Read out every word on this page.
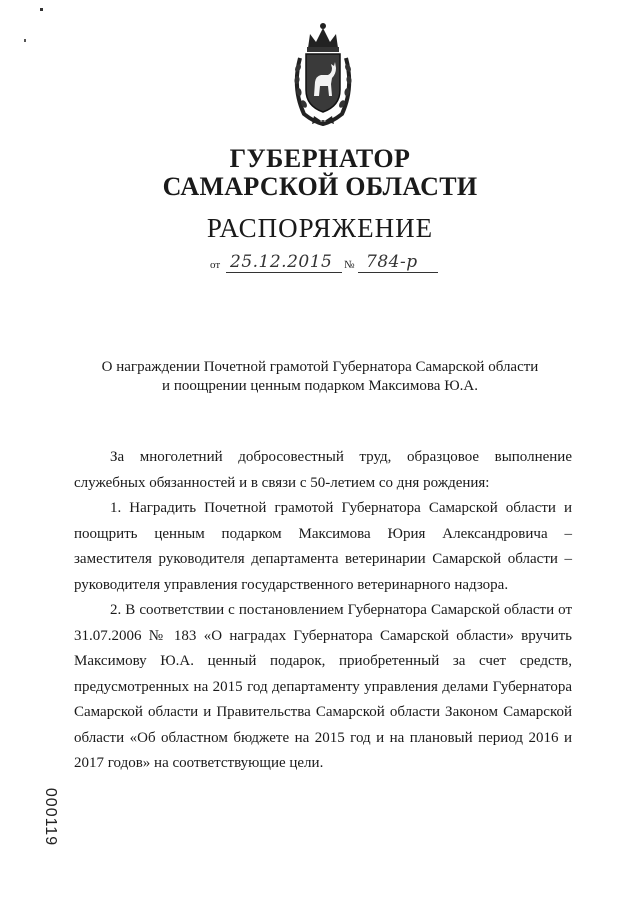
ГУБЕРНАТОР
САМАРСКОЙ ОБЛАСТИ
РАСПОРЯЖЕНИЕ
от 25.12.2015 № 784-р
О награждении Почетной грамотой Губернатора Самарской области
и поощрении ценным подарком Максимова Ю.А.

За многолетний добросовестный труд, образцовое выполнение служебных обязанностей и в связи с 50-летием со дня рождения:

1. Наградить Почетной грамотой Губернатора Самарской области и поощрить ценным подарком Максимова Юрия Александровича – заместителя руководителя департамента ветеринарии Самарской области – руководителя управления государственного ветеринарного надзора.

2. В соответствии с постановлением Губернатора Самарской области от 31.07.2006 № 183 «О наградах Губернатора Самарской области» вручить Максимову Ю.А. ценный подарок, приобретенный за счет средств, предусмотренных на 2015 год департаменту управления делами Губернатора Самарской области и Правительства Самарской области Законом Самарской области «Об областном бюджете на 2015 год и на плановый период 2016 и 2017 годов» на соответствующие цели.

000119
